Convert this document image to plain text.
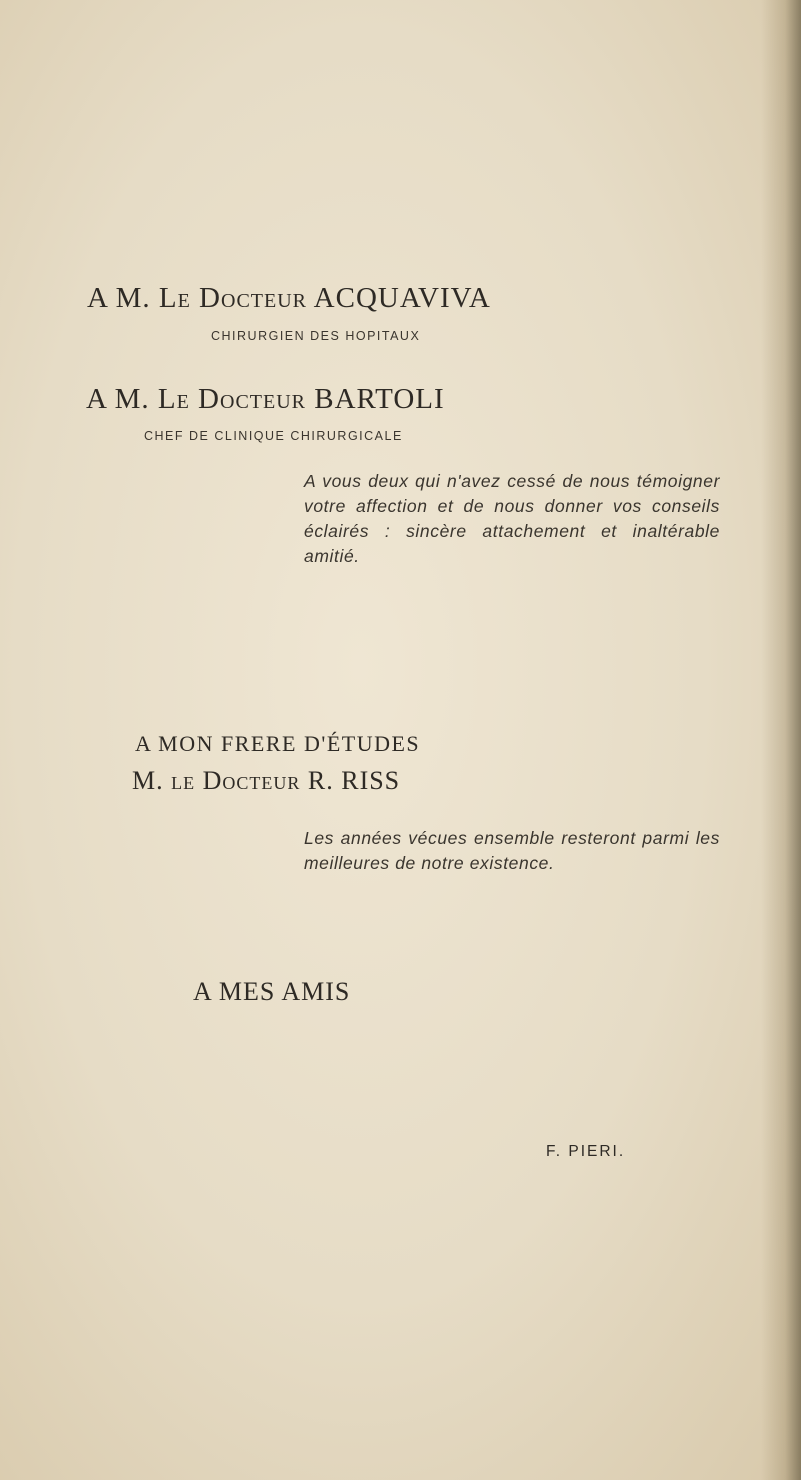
A M. Le Docteur ACQUAVIVA
CHIRURGIEN DES HOPITAUX
A M. Le Docteur BARTOLI
CHEF DE CLINIQUE CHIRURGICALE
A vous deux qui n'avez cessé de nous témoigner votre affection et de nous donner vos conseils éclairés : sincère attachement et inaltérable amitié.
A MON FRERE D'ÉTUDES
M. le Docteur R. RISS
Les années vécues ensemble resteront parmi les meilleures de notre existence.
A MES AMIS
F. PIERI.
